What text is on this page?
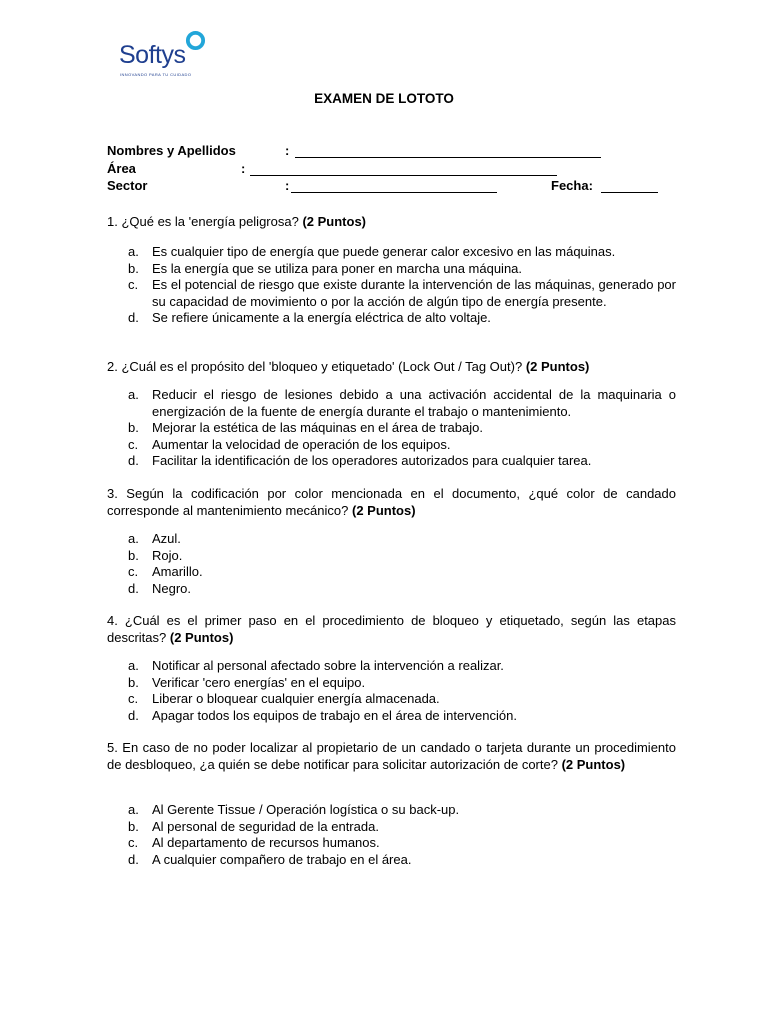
Softys
INNOVANDO PARA TU CUIDADO
EXAMEN DE LOTOTO
Nombres y Apellidos	:
Área	:
Sector	:	Fecha:
1. ¿Qué es la 'energía peligrosa? (2 Puntos)
a. Es cualquier tipo de energía que puede generar calor excesivo en las máquinas.
b. Es la energía que se utiliza para poner en marcha una máquina.
c. Es el potencial de riesgo que existe durante la intervención de las máquinas, generado por su capacidad de movimiento o por la acción de algún tipo de energía presente.
d. Se refiere únicamente a la energía eléctrica de alto voltaje.
2. ¿Cuál es el propósito del 'bloqueo y etiquetado' (Lock Out / Tag Out)? (2 Puntos)
a. Reducir el riesgo de lesiones debido a una activación accidental de la maquinaria o energización de la fuente de energía durante el trabajo o mantenimiento.
b. Mejorar la estética de las máquinas en el área de trabajo.
c. Aumentar la velocidad de operación de los equipos.
d. Facilitar la identificación de los operadores autorizados para cualquier tarea.
3. Según la codificación por color mencionada en el documento, ¿qué color de candado corresponde al mantenimiento mecánico? (2 Puntos)
a. Azul.
b. Rojo.
c. Amarillo.
d. Negro.
4. ¿Cuál es el primer paso en el procedimiento de bloqueo y etiquetado, según las etapas descritas? (2 Puntos)
a. Notificar al personal afectado sobre la intervención a realizar.
b. Verificar 'cero energías' en el equipo.
c. Liberar o bloquear cualquier energía almacenada.
d. Apagar todos los equipos de trabajo en el área de intervención.
5. En caso de no poder localizar al propietario de un candado o tarjeta durante un procedimiento de desbloqueo, ¿a quién se debe notificar para solicitar autorización de corte? (2 Puntos)
a. Al Gerente Tissue / Operación logística o su back-up.
b. Al personal de seguridad de la entrada.
c. Al departamento de recursos humanos.
d. A cualquier compañero de trabajo en el área.
